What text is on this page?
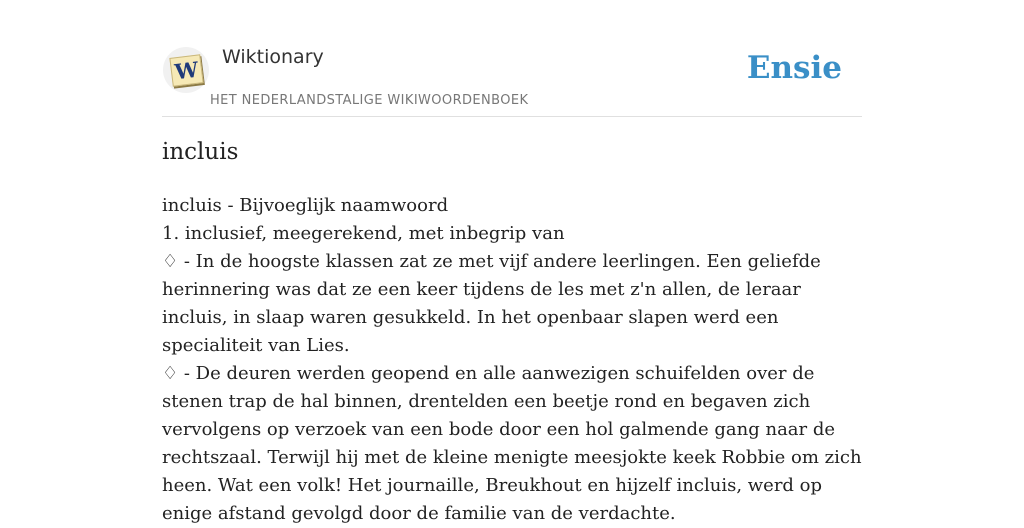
W Wiktionary
HET NEDERLANDSTALIGE WIKIWOORDENBOEK
Ensie
incluis

incluis - Bijvoeglijk naamwoord

1. inclusief, meegerekend, met inbegrip van

♢ - In de hoogste klassen zat ze met vijf andere leerlingen. Een geliefde herinnering was dat ze een keer tijdens de les met z'n allen, de leraar incluis, in slaap waren gesukkeld. In het openbaar slapen werd een specialiteit van Lies.

♢ - De deuren werden geopend en alle aanwezigen schuifelden over de stenen trap de hal binnen, drentelden een beetje rond en begaven zich vervolgens op verzoek van een bode door een hol galmende gang naar de rechtszaal. Terwijl hij met de kleine menigte meesjokte keek Robbie om zich heen. Wat een volk! Het journaille, Breukhout en hijzelf incluis, werd op enige afstand gevolgd door de familie van de verdachte.
